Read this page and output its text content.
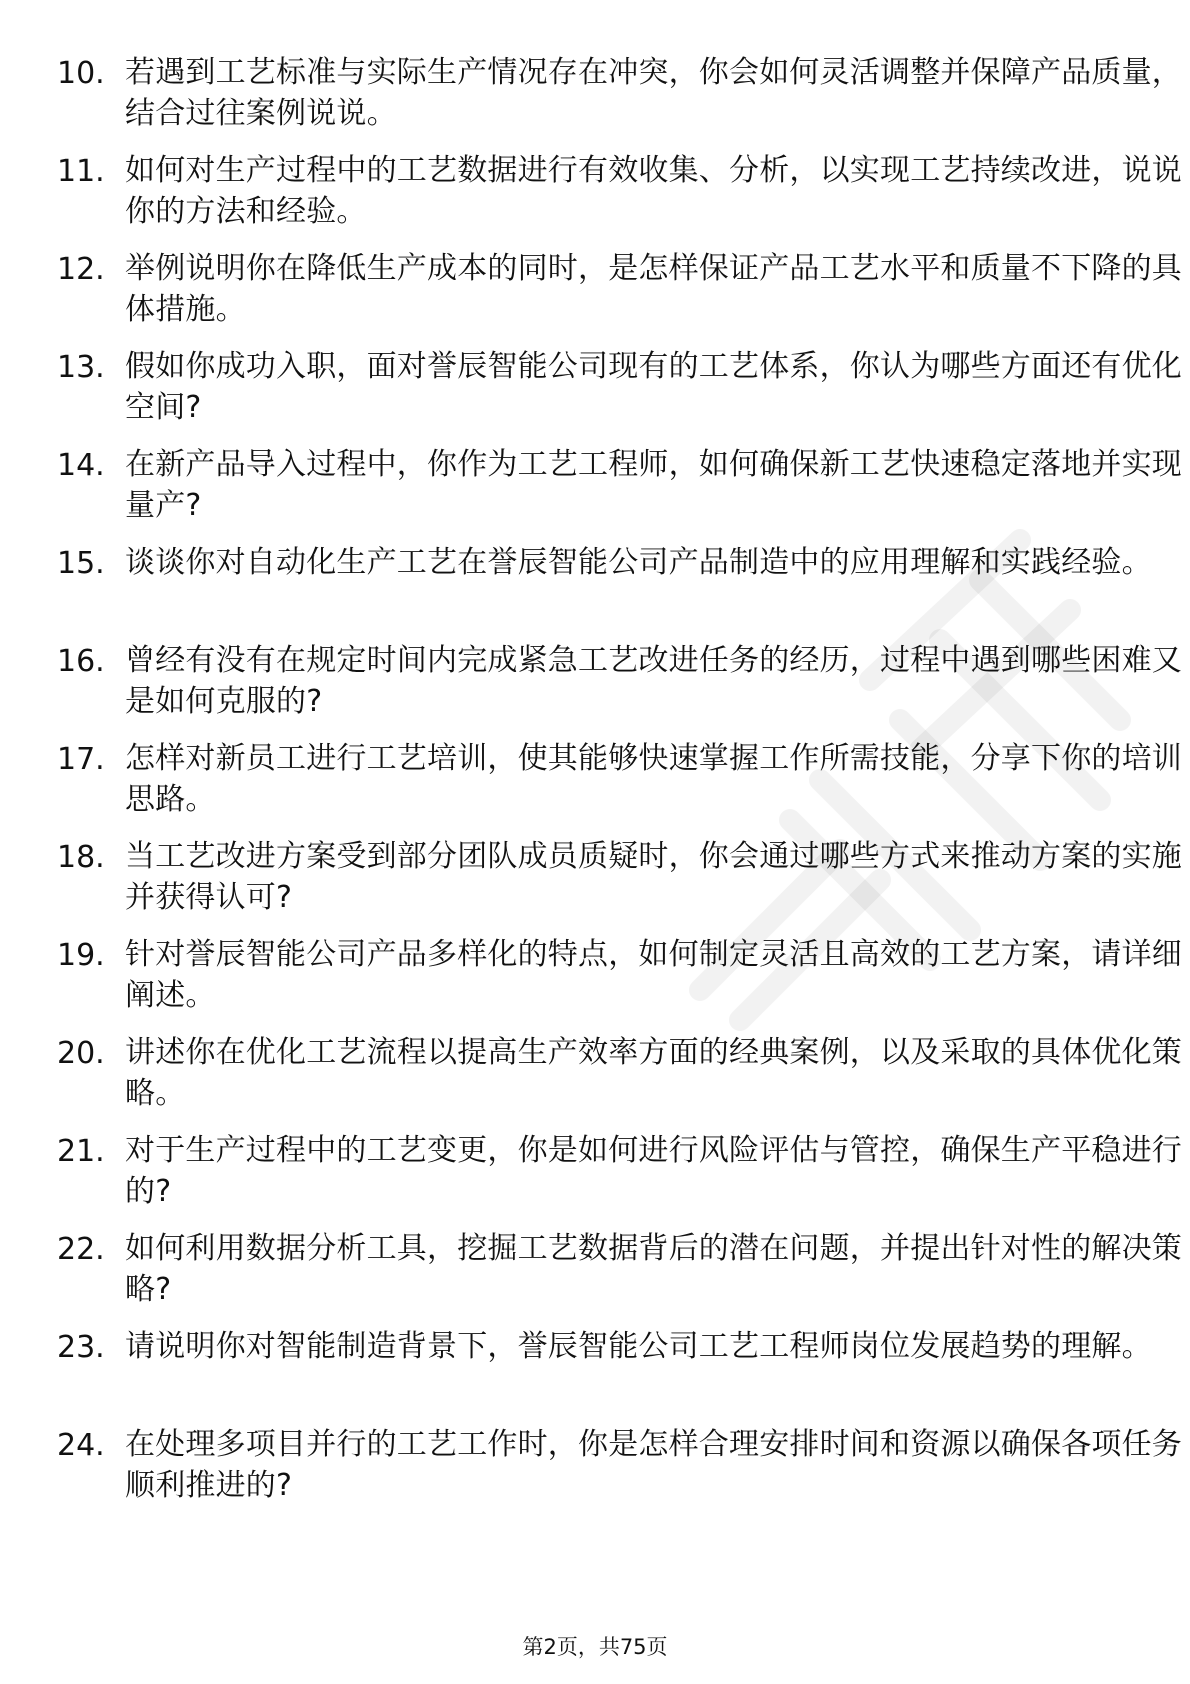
10. 若遇到工艺标准与实际生产情况存在冲突，你会如何灵活调整并保障产品质量，结合过往案例说说。
11. 如何对生产过程中的工艺数据进行有效收集、分析，以实现工艺持续改进，说说你的方法和经验。
12. 举例说明你在降低生产成本的同时，是怎样保证产品工艺水平和质量不下降的具体措施。
13. 假如你成功入职，面对誉辰智能公司现有的工艺体系，你认为哪些方面还有优化空间?
14. 在新产品导入过程中，你作为工艺工程师，如何确保新工艺快速稳定落地并实现量产?
15. 谈谈你对自动化生产工艺在誉辰智能公司产品制造中的应用理解和实践经验。
16. 曾经有没有在规定时间内完成紧急工艺改进任务的经历，过程中遇到哪些困难又是如何克服的?
17. 怎样对新员工进行工艺培训，使其能够快速掌握工作所需技能，分享下你的培训思路。
18. 当工艺改进方案受到部分团队成员质疑时，你会通过哪些方式来推动方案的实施并获得认可?
19. 针对誉辰智能公司产品多样化的特点，如何制定灵活且高效的工艺方案，请详细阐述。
20. 讲述你在优化工艺流程以提高生产效率方面的经典案例，以及采取的具体优化策略。
21. 对于生产过程中的工艺变更，你是如何进行风险评估与管控，确保生产平稳进行的?
22. 如何利用数据分析工具，挖掘工艺数据背后的潜在问题，并提出针对性的解决策略?
23. 请说明你对智能制造背景下，誉辰智能公司工艺工程师岗位发展趋势的理解。
24. 在处理多项目并行的工艺工作时，你是怎样合理安排时间和资源以确保各项任务顺利推进的?
第2页，共75页
